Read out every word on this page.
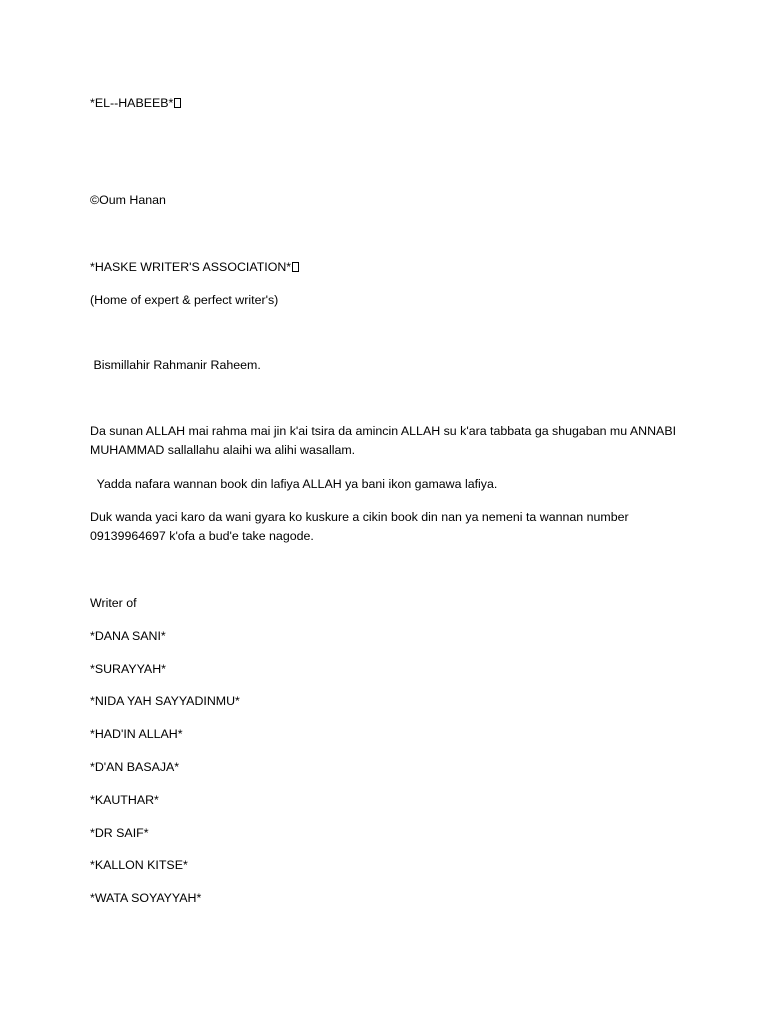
*EL--HABEEB*

©Oum Hanan

*HASKE WRITER'S ASSOCIATION*

(Home of expert & perfect writer's)

Bismillahir Rahmanir Raheem.

Da sunan ALLAH mai rahma mai jin k'ai tsira da amincin ALLAH su k'ara tabbata ga shugaban mu ANNABI MUHAMMAD sallallahu alaihi wa alihi wasallam.

Yadda nafara wannan book din lafiya ALLAH ya bani ikon gamawa lafiya.

Duk wanda yaci karo da wani gyara ko kuskure a cikin book din nan ya nemeni ta wannan number 09139964697 k'ofa a bud'e take nagode.

Writer of

*DANA SANI*

*SURAYYAH*

*NIDA YAH SAYYADINMU*

*HAD'IN ALLAH*

*D'AN BASAJA*

*KAUTHAR*

*DR SAIF*

*KALLON KITSE*

*WATA SOYAYYAH*
